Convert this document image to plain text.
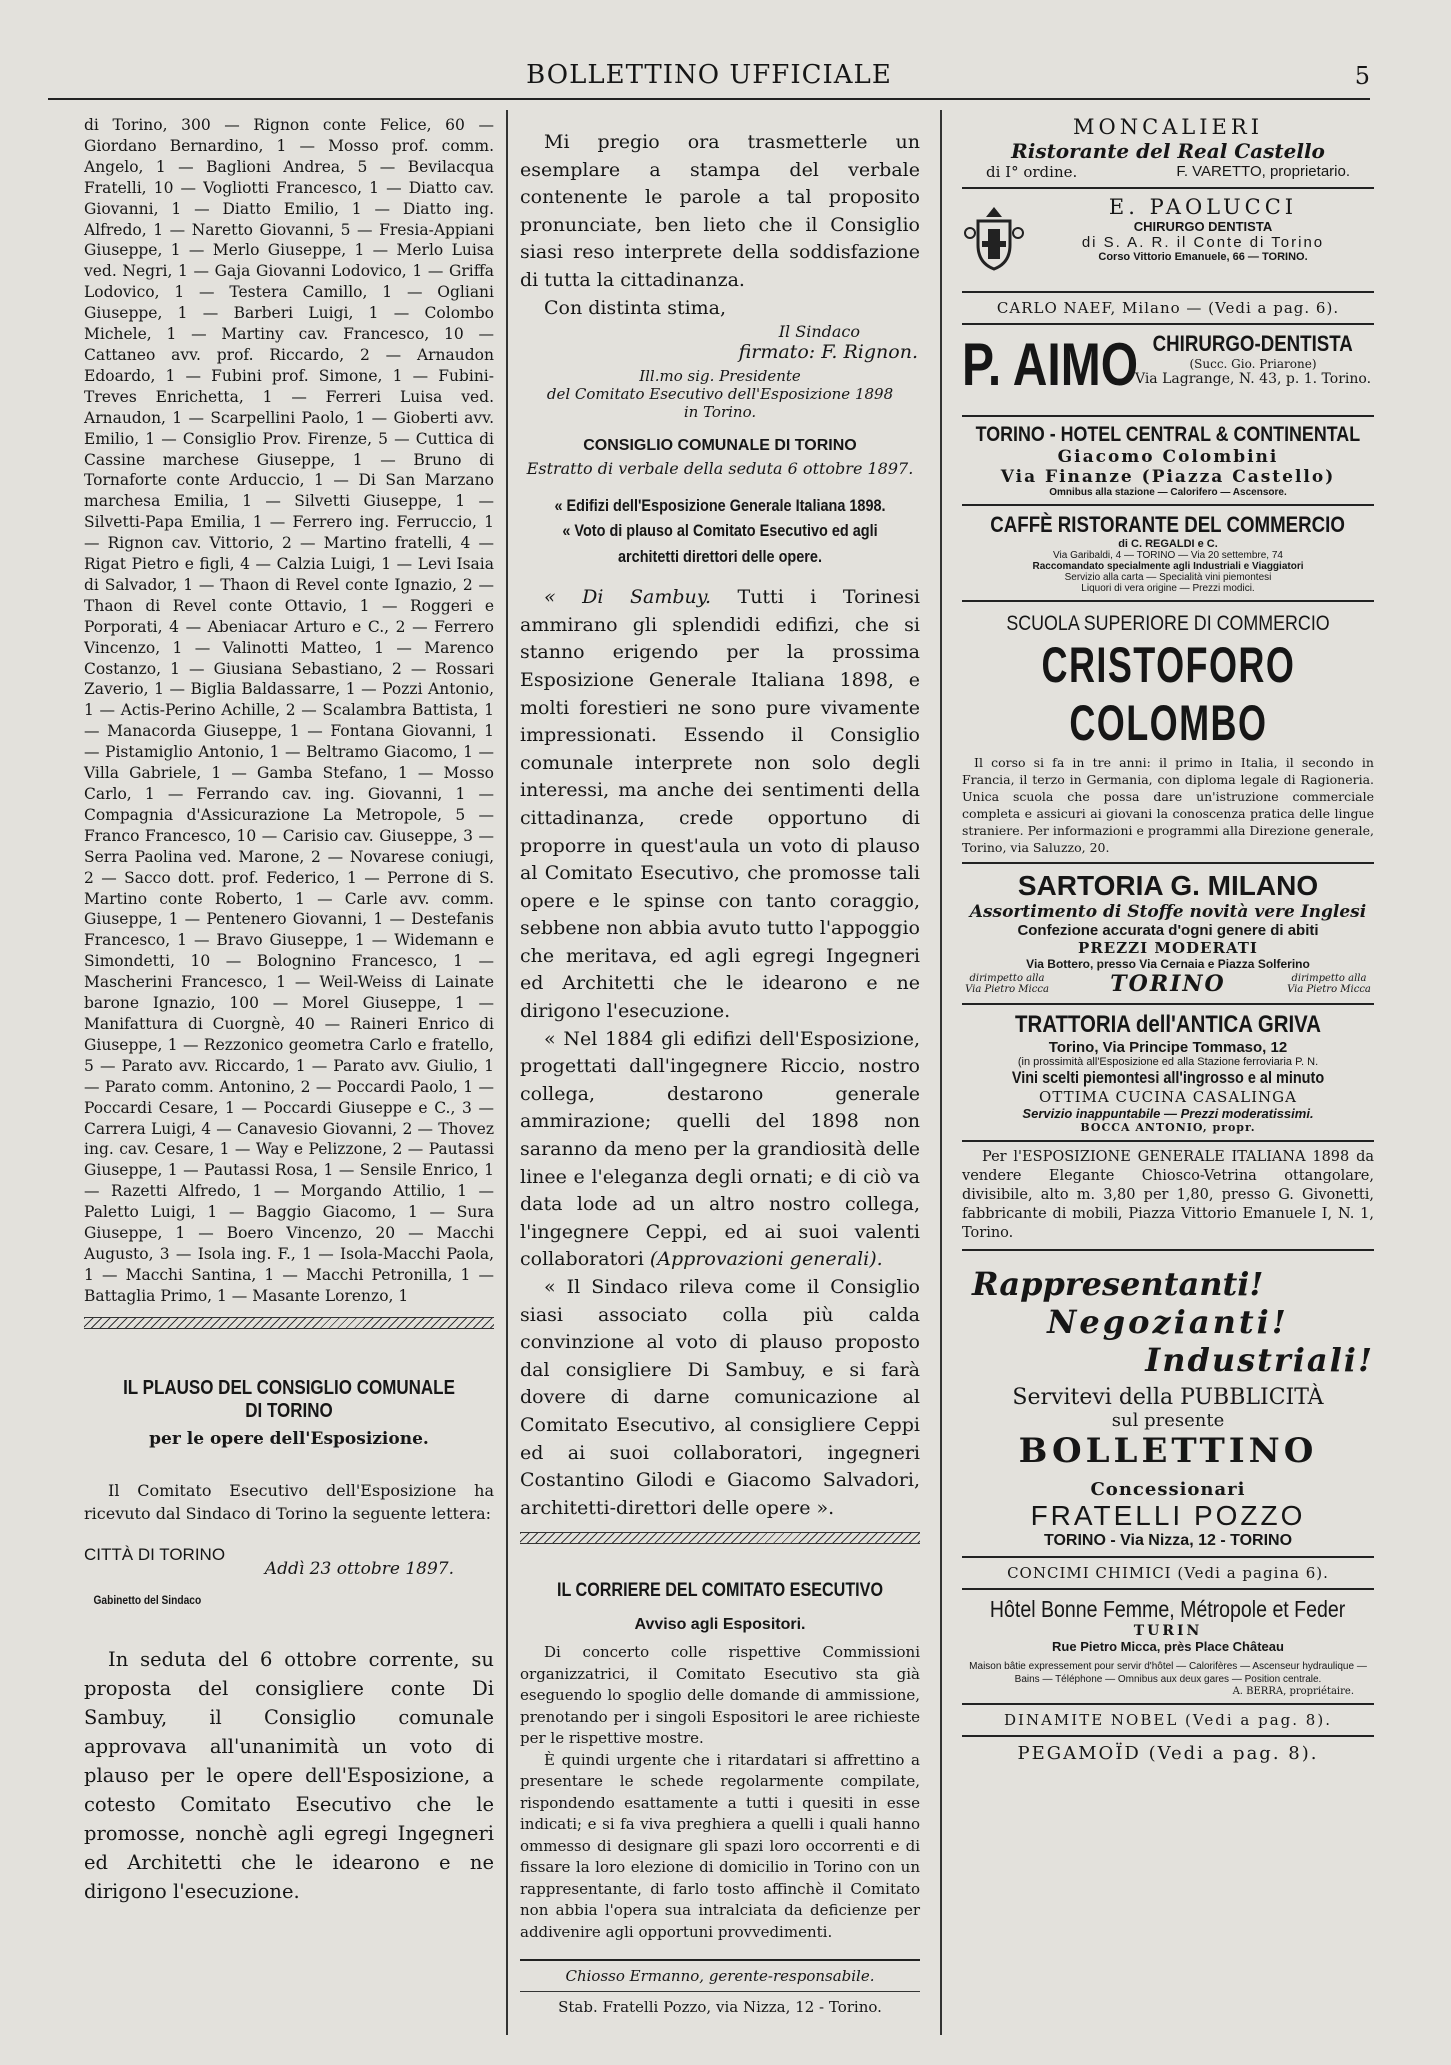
BOLLETTINO UFFICIALE	5

di Torino, 300 — Rignon conte Felice, 60 — Giordano Bernardino, 1 — Mosso prof. comm. Angelo, 1 — Baglioni Andrea, 5 — Bevilacqua Fratelli, 10 — Vogliotti Francesco, 1 — Diatto cav. Giovanni, 1 — Diatto Emilio, 1 — Diatto ing. Alfredo, 1 — Naretto Giovanni, 5 — Fresia-Appiani Giuseppe, 1 — Merlo Giuseppe, 1 — Merlo Luisa ved. Negri, 1 — Gaja Giovanni Lodovico, 1 — Griffa Lodovico, 1 — Testera Camillo, 1 — Ogliani Giuseppe, 1 — Barberi Luigi, 1 — Colombo Michele, 1 — Martiny cav. Francesco, 10 — Cattaneo avv. prof. Riccardo, 2 — Arnaudon Edoardo, 1 — Fubini prof. Simone, 1 — Fubini-Treves Enrichetta, 1 — Ferreri Luisa ved. Arnaudon, 1 — Scarpellini Paolo, 1 — Gioberti avv. Emilio, 1 — Consiglio Prov. Firenze, 5 — Cuttica di Cassine marchese Giuseppe, 1 — Bruno di Tornaforte conte Arduccio, 1 — Di San Marzano marchesa Emilia, 1 — Silvetti Giuseppe, 1 — Silvetti-Papa Emilia, 1 — Ferrero ing. Ferruccio, 1 — Rignon cav. Vittorio, 2 — Martino fratelli, 4 — Rigat Pietro e figli, 4 — Calzia Luigi, 1 — Levi Isaia di Salvador, 1 — Thaon di Revel conte Ignazio, 2 — Thaon di Revel conte Ottavio, 1 — Roggeri e Porporati, 4 — Abeniacar Arturo e C., 2 — Ferrero Vincenzo, 1 — Valinotti Matteo, 1 — Marenco Costanzo, 1 — Giusiana Sebastiano, 2 — Rossari Zaverio, 1 — Biglia Baldassarre, 1 — Pozzi Antonio, 1 — Actis-Perino Achille, 2 — Scalambra Battista, 1 — Manacorda Giuseppe, 1 — Fontana Giovanni, 1 — Pistamiglio Antonio, 1 — Beltramo Giacomo, 1 — Villa Gabriele, 1 — Gamba Stefano, 1 — Mosso Carlo, 1 — Ferrando cav. ing. Giovanni, 1 — Compagnia d'Assicurazione La Metropole, 5 — Franco Francesco, 10 — Carisio cav. Giuseppe, 3 — Serra Paolina ved. Marone, 2 — Novarese coniugi, 2 — Sacco dott. prof. Federico, 1 — Perrone di S. Martino conte Roberto, 1 — Carle avv. comm. Giuseppe, 1 — Pentenero Giovanni, 1 — Destefanis Francesco, 1 — Bravo Giuseppe, 1 — Widemann e Simondetti, 10 — Bolognino Francesco, 1 — Mascherini Francesco, 1 — Weil-Weiss di Lainate barone Ignazio, 100 — Morel Giuseppe, 1 — Manifattura di Cuorgnè, 40 — Raineri Enrico di Giuseppe, 1 — Rezzonico geometra Carlo e fratello, 5 — Parato avv. Riccardo, 1 — Parato avv. Giulio, 1 — Parato comm. Antonino, 2 — Poccardi Paolo, 1 — Poccardi Cesare, 1 — Poccardi Giuseppe e C., 3 — Carrera Luigi, 4 — Canavesio Giovanni, 2 — Thovez ing. cav. Cesare, 1 — Way e Pelizzone, 2 — Pautassi Giuseppe, 1 — Pautassi Rosa, 1 — Sensile Enrico, 1 — Razetti Alfredo, 1 — Morgando Attilio, 1 — Paletto Luigi, 1 — Baggio Giacomo, 1 — Sura Giuseppe, 1 — Boero Vincenzo, 20 — Macchi Augusto, 3 — Isola ing. F., 1 — Isola-Macchi Paola, 1 — Macchi Santina, 1 — Macchi Petronilla, 1 — Battaglia Primo, 1 — Masante Lorenzo, 1

IL PLAUSO DEL CONSIGLIO COMUNALE DI TORINO
per le opere dell'Esposizione.

Il Comitato Esecutivo dell'Esposizione ha ricevuto dal Sindaco di Torino la seguente lettera:

CITTÀ DI TORINO
Addì 23 ottobre 1897.
Gabinetto del Sindaco

In seduta del 6 ottobre corrente, su proposta del consigliere conte Di Sambuy, il Consiglio comunale approvava all'unanimità un voto di plauso per le opere dell'Esposizione, a cotesto Comitato Esecutivo che le promosse, nonchè agli egregi Ingegneri ed Architetti che le idearono e ne dirigono l'esecuzione.

Mi pregio ora trasmetterle un esemplare a stampa del verbale contenente le parole a tal proposito pronunciate, ben lieto che il Consiglio siasi reso interprete della soddisfazione di tutta la cittadinanza.

Con distinta stima,

Il Sindaco
firmato: F. Rignon.
Ill.mo sig. Presidente
del Comitato Esecutivo dell'Esposizione 1898
in Torino.
CONSIGLIO COMUNALE DI TORINO
Estratto di verbale della seduta 6 ottobre 1897.
« Edifizi dell'Esposizione Generale Italiana 1898. « Voto di plauso al Comitato Esecutivo ed agli architetti direttori delle opere.

« Di Sambuy. Tutti i Torinesi ammirano gli splendidi edifizi, che si stanno erigendo per la prossima Esposizione Generale Italiana 1898, e molti forestieri ne sono pure vivamente impressionati. Essendo il Consiglio comunale interprete non solo degli interessi, ma anche dei sentimenti della cittadinanza, crede opportuno di proporre in quest'aula un voto di plauso al Comitato Esecutivo, che promosse tali opere e le spinse con tanto coraggio, sebbene non abbia avuto tutto l'appoggio che meritava, ed agli egregi Ingegneri ed Architetti che le idearono e ne dirigono l'esecuzione.

« Nel 1884 gli edifizi dell'Esposizione, progettati dall'ingegnere Riccio, nostro collega, destarono generale ammirazione; quelli del 1898 non saranno da meno per la grandiosità delle linee e l'eleganza degli ornati; e di ciò va data lode ad un altro nostro collega, l'ingegnere Ceppi, ed ai suoi valenti collaboratori (Approvazioni generali).

« Il Sindaco rileva come il Consiglio siasi associato colla più calda convinzione al voto di plauso proposto dal consigliere Di Sambuy, e si farà dovere di darne comunicazione al Comitato Esecutivo, al consigliere Ceppi ed ai suoi collaboratori, ingegneri Costantino Gilodi e Giacomo Salvadori, architetti-direttori delle opere ».

IL CORRIERE DEL COMITATO ESECUTIVO
Avviso agli Espositori.

Di concerto colle rispettive Commissioni organizzatrici, il Comitato Esecutivo sta già eseguendo lo spoglio delle domande di ammissione, prenotando per i singoli Espositori le aree richieste per le rispettive mostre.

È quindi urgente che i ritardatari si affrettino a presentare le schede regolarmente compilate, rispondendo esattamente a tutti i quesiti in esse indicati; e si fa viva preghiera a quelli i quali hanno ommesso di designare gli spazi loro occorrenti e di fissare la loro elezione di domicilio in Torino con un rappresentante, di farlo tosto affinchè il Comitato non abbia l'opera sua intralciata da deficienze per addivenire agli opportuni provvedimenti.

Chiosso Ermanno, gerente-responsabile.
Stab. Fratelli Pozzo, via Nizza, 12 - Torino.
MONCALIERI
Ristorante del Real Castello
di I° ordine.	F. VARETTO, proprietario.
E. PAOLUCCI
CHIRURGO DENTISTA
di S. A. R. il Conte di Torino
Corso Vittorio Emanuele, 66 — TORINO.
CARLO NAEF, Milano — (Vedi a pag. 6).
P. AIMO CHIRURGO-DENTISTA
(Succ. Gio. Priarone)
Via Lagrange, N. 43, p. 1. Torino.
TORINO - HOTEL CENTRAL & CONTINENTAL
Giacomo Colombini
Via Finanze (Piazza Castello)
Omnibus alla stazione — Calorifero — Ascensore.
CAFFÈ RISTORANTE DEL COMMERCIO
di C. REGALDI e C.
Via Garibaldi, 4 — TORINO — Via 20 settembre, 74
Raccomandato specialmente agli Industriali e Viaggiatori
Servizio alla carta — Specialità vini piemontesi
Liquori di vera origine — Prezzi modici.
SCUOLA SUPERIORE DI COMMERCIO CRISTOFORO COLOMBO

Il corso si fa in tre anni: il primo in Italia, il secondo in Francia, il terzo in Germania, con diploma legale di Ragioneria. Unica scuola che possa dare un'istruzione commerciale completa e assicuri ai giovani la conoscenza pratica delle lingue straniere. Per informazioni e programmi alla Direzione generale, Torino, via Saluzzo, 20.

SARTORIA G. MILANO
Assortimento di Stoffe novità vere Inglesi
Confezione accurata d'ogni genere di abiti
PREZZI MODERATI
Via Bottero, presso Via Cernaia e Piazza Solferino
dirimpetto alla Via Pietro Micca	TORINO	dirimpetto alla Via Pietro Micca
TRATTORIA dell'ANTICA GRIVA
Torino, Via Principe Tommaso, 12
(in prossimità all'Esposizione ed alla Stazione ferroviaria P. N.
Vini scelti piemontesi all'ingrosso e al minuto
OTTIMA CUCINA CASALINGA
Servizio inappuntabile — Prezzi moderatissimi.
BOCCA ANTONIO, propr.

Per l'ESPOSIZIONE GENERALE ITALIANA 1898 da vendere Elegante Chiosco-Vetrina ottangolare, divisibile, alto m. 3,80 per 1,80, presso G. Givonetti, fabbricante di mobili, Piazza Vittorio Emanuele I, N. 1, Torino.

Rappresentanti!
Negozianti!
Industriali!
Servitevi della PUBBLICITÀ
sul presente
BOLLETTINO
Concessionari
FRATELLI POZZO
TORINO - Via Nizza, 12 - TORINO
CONCIMI CHIMICI (Vedi a pagina 6).
Hôtel Bonne Femme, Métropole et Feder
TURIN
Rue Pietro Micca, près Place Château
Maison bâtie expressement pour servir d'hôtel — Calorifères — Ascenseur hydraulique — Bains — Téléphone — Omnibus aux deux gares — Position centrale.
A. BERRA, propriétaire.
DINAMITE NOBEL (Vedi a pag. 8).
PEGAMOÏD (Vedi a pag. 8).
